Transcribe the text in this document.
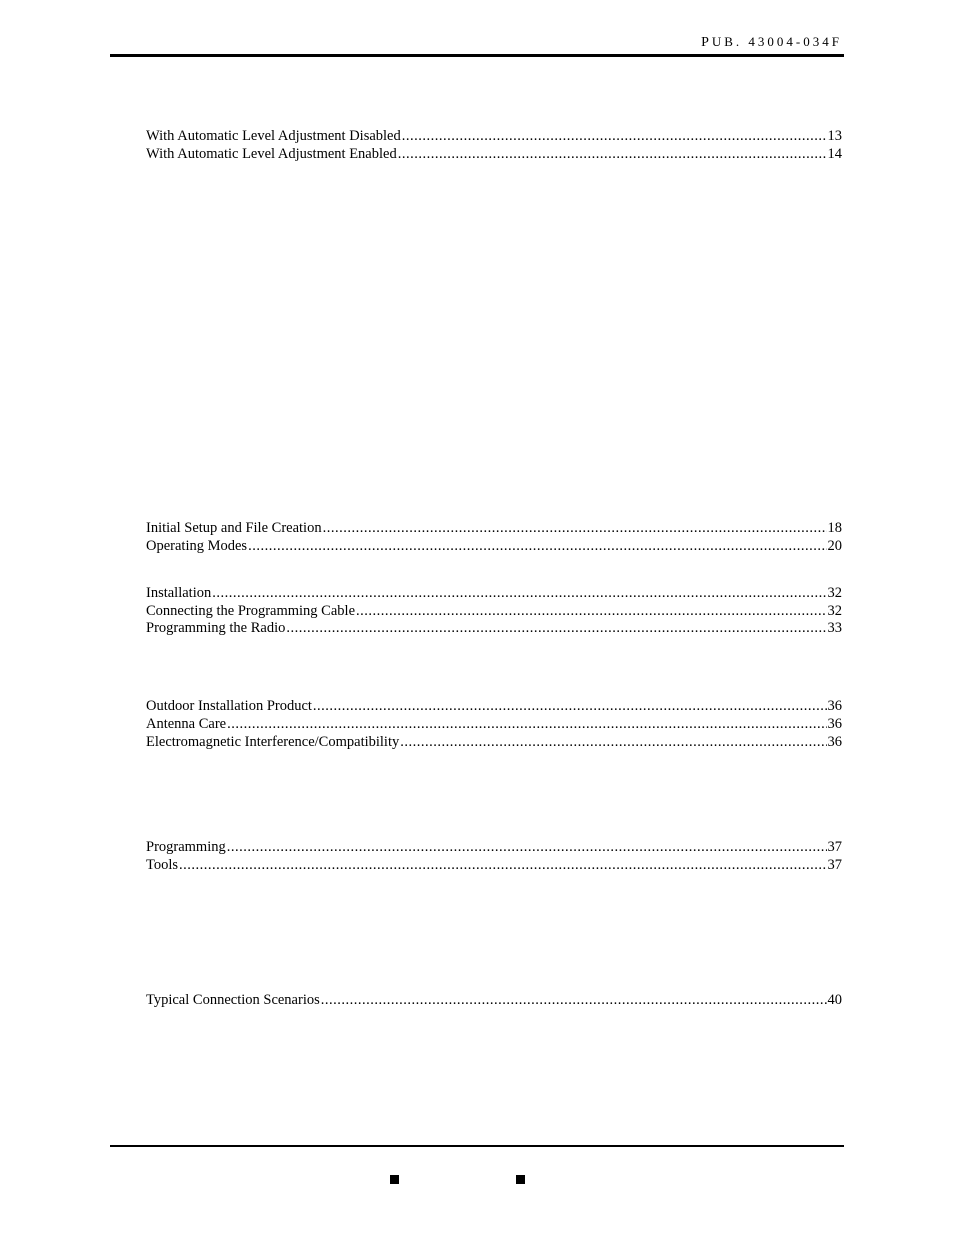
PUB. 43004-034F
With Automatic Level Adjustment Disabled .....	13
With Automatic Level Adjustment Enabled .....	14
Initial Setup and File Creation .....	18
Operating Modes .....	20
Installation .....	32
Connecting the Programming Cable .....	32
Programming the Radio .....	33
Outdoor Installation Product .....	36
Antenna Care .....	36
Electromagnetic Interference/Compatibility .....	36
Programming .....	37
Tools .....	37
Typical Connection Scenarios .....	40
